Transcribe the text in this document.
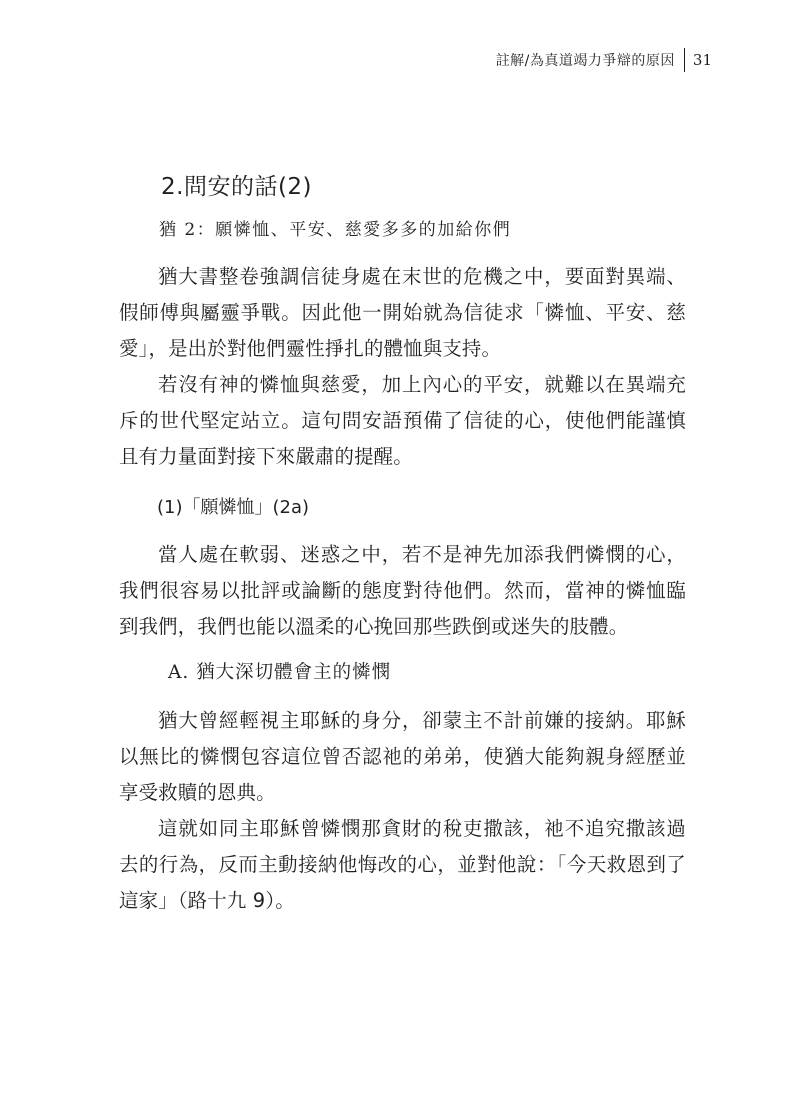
註解/為真道竭力爭辯的原因 31
2.問安的話(2)

猶 2：願憐恤、平安、慈愛多多的加給你們

猶大書整卷強調信徒身處在末世的危機之中，要面對異端、假師傅與屬靈爭戰。因此他一開始就為信徒求「憐恤、平安、慈愛」，是出於對他們靈性掙扎的體恤與支持。

若沒有神的憐恤與慈愛，加上內心的平安，就難以在異端充斥的世代堅定站立。這句問安語預備了信徒的心，使他們能謹慎且有力量面對接下來嚴肅的提醒。

(1)「願憐恤」(2a)

當人處在軟弱、迷惑之中，若不是神先加添我們憐憫的心，我們很容易以批評或論斷的態度對待他們。然而，當神的憐恤臨到我們，我們也能以溫柔的心挽回那些跌倒或迷失的肢體。

A. 猶大深切體會主的憐憫

猶大曾經輕視主耶穌的身分，卻蒙主不計前嫌的接納。耶穌以無比的憐憫包容這位曾否認祂的弟弟，使猶大能夠親身經歷並享受救贖的恩典。

這就如同主耶穌曾憐憫那貪財的稅吏撒該，祂不追究撒該過去的行為，反而主動接納他悔改的心，並對他說：「今天救恩到了這家」（路十九 9）。
